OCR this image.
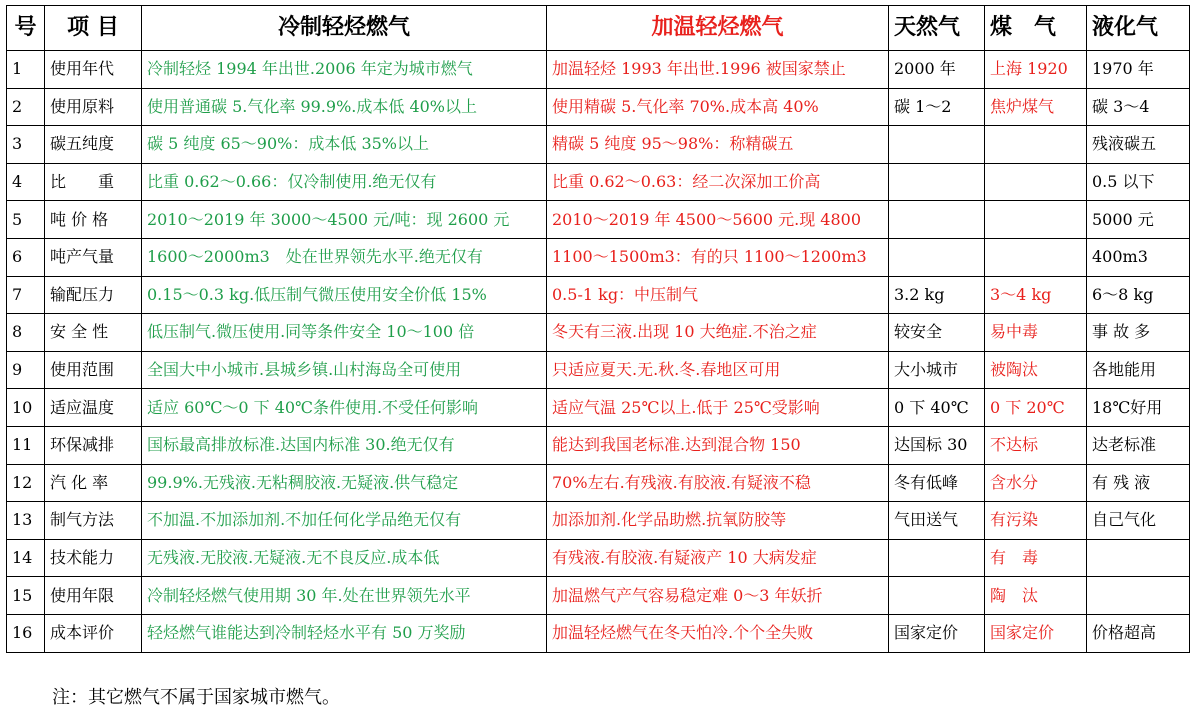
号	项 目	冷制轻烃燃气	加温轻烃燃气	天然气	煤　气	液化气
1	使用年代	冷制轻烃 1994 年出世.2006 年定为城市燃气	加温轻烃 1993 年出世.1996 被国家禁止	2000 年	上海 1920	1970 年
2	使用原料	使用普通碳 5.气化率 99.9%.成本低 40%以上	使用精碳 5.气化率 70%.成本高 40%	碳 1～2	焦炉煤气	碳 3～4
3	碳五纯度	碳 5 纯度 65～90%：成本低 35%以上	精碳 5 纯度 95～98%：称精碳五			残液碳五
4	比　　重	比重 0.62～0.66：仅冷制使用.绝无仅有	比重 0.62～0.63：经二次深加工价高			0.5 以下
5	吨 价 格	2010～2019 年 3000～4500 元/吨：现 2600 元	2010～2019 年 4500～5600 元.现 4800			5000 元
6	吨产气量	1600～2000m3　处在世界领先水平.绝无仅有	1100～1500m3：有的只 1100～1200m3			400m3
7	输配压力	0.15～0.3 kg.低压制气微压使用安全价低 15%	0.5-1 kg：中压制气	3.2 kg	3～4 kg	6～8 kg
8	安 全 性	低压制气.微压使用.同等条件安全 10～100 倍	冬天有三液.出现 10 大绝症.不治之症	较安全	易中毒	事 故 多
9	使用范围	全国大中小城市.县城乡镇.山村海岛全可使用	只适应夏天.无.秋.冬.春地区可用	大小城市	被陶汰	各地能用
10	适应温度	适应 60℃～0 下 40℃条件使用.不受任何影响	适应气温 25℃以上.低于 25℃受影响	0 下 40℃	0 下 20℃	18℃好用
11	环保减排	国标最高排放标准.达国内标准 30.绝无仅有	能达到我国老标准.达到混合物 150	达国标 30	不达标	达老标准
12	汽 化 率	99.9%.无残液.无粘稠胶液.无疑液.供气稳定	70%左右.有残液.有胶液.有疑液不稳	冬有低峰	含水分	有 残 液
13	制气方法	不加温.不加添加剂.不加任何化学品绝无仅有	加添加剂.化学品助燃.抗氧防胶等	气田送气	有污染	自己气化
14	技术能力	无残液.无胶液.无疑液.无不良反应.成本低	有残液.有胶液.有疑液产 10 大病发症		有　毒	
15	使用年限	冷制轻烃燃气使用期 30 年.处在世界领先水平	加温燃气产气容易稳定难 0～3 年妖折		陶　汰	
16	成本评价	轻烃燃气谁能达到冷制轻烃水平有 50 万奖励	加温轻烃燃气在冬天怕冷.个个全失败	国家定价	国家定价	价格超高
注：其它燃气不属于国家城市燃气。
